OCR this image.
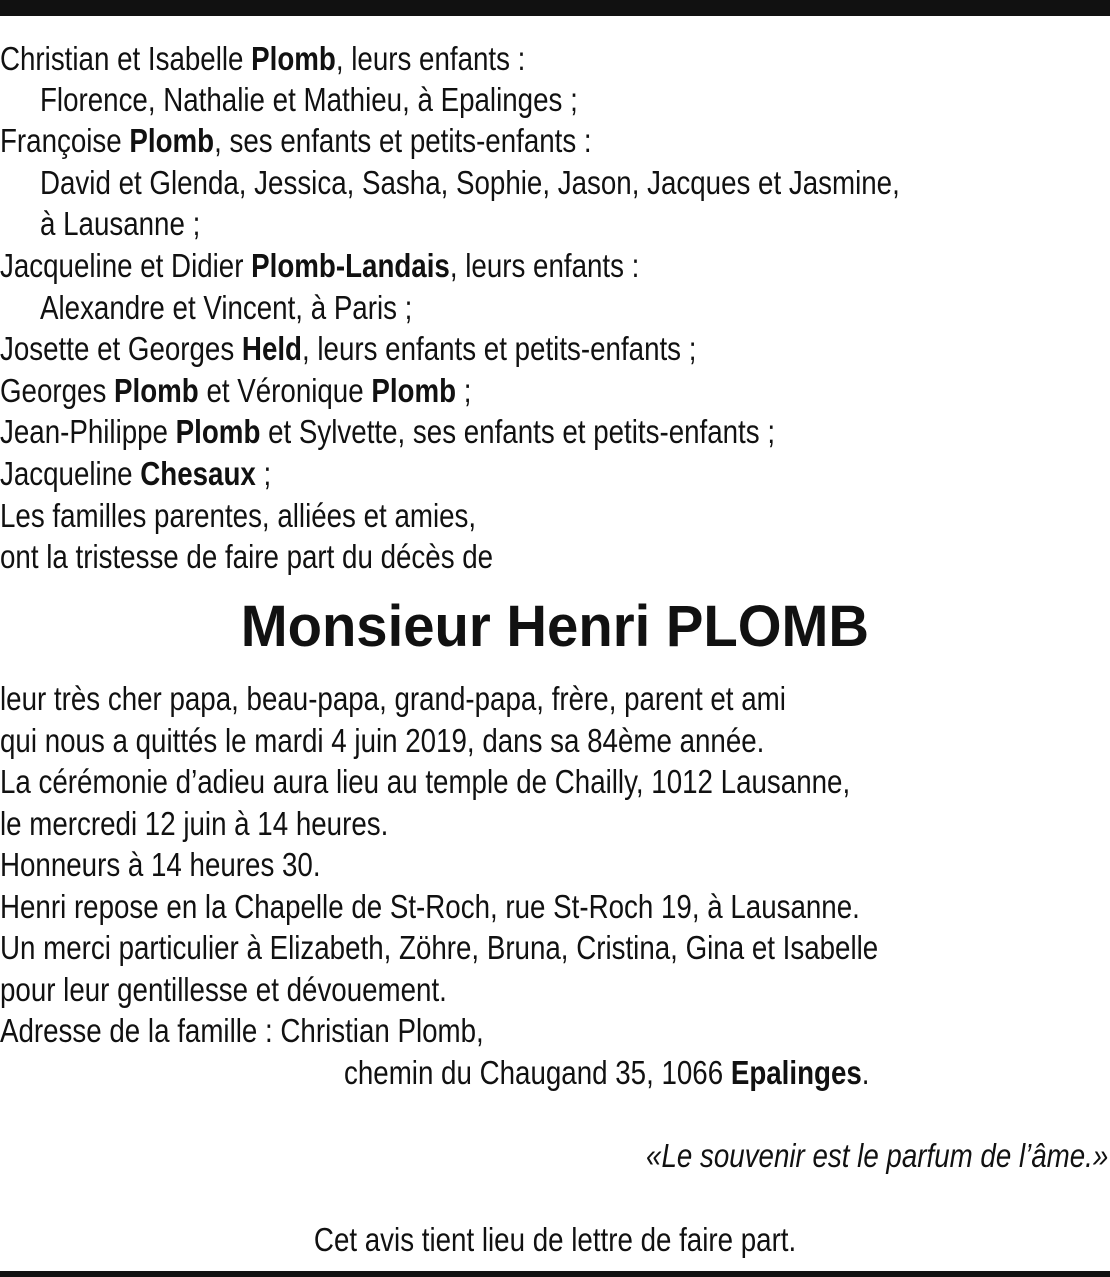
Christian et Isabelle Plomb, leurs enfants :
Florence, Nathalie et Mathieu, à Epalinges ;
Françoise Plomb, ses enfants et petits-enfants :
David et Glenda, Jessica, Sasha, Sophie, Jason, Jacques et Jasmine,
à Lausanne ;
Jacqueline et Didier Plomb-Landais, leurs enfants :
Alexandre et Vincent, à Paris ;
Josette et Georges Held, leurs enfants et petits-enfants ;
Georges Plomb et Véronique Plomb ;
Jean-Philippe Plomb et Sylvette, ses enfants et petits-enfants ;
Jacqueline Chesaux ;
Les familles parentes, alliées et amies,
ont la tristesse de faire part du décès de
Monsieur Henri PLOMB
leur très cher papa, beau-papa, grand-papa, frère, parent et ami
qui nous a quittés le mardi 4 juin 2019, dans sa 84ème année.
La cérémonie d’adieu aura lieu au temple de Chailly, 1012 Lausanne,
le mercredi 12 juin à 14 heures.
Honneurs à 14 heures 30.
Henri repose en la Chapelle de St-Roch, rue St-Roch 19, à Lausanne.
Un merci particulier à Elizabeth, Zöhre, Bruna, Cristina, Gina et Isabelle
pour leur gentillesse et dévouement.
Adresse de la famille : Christian Plomb,
chemin du Chaugand 35, 1066 Epalinges.
«Le souvenir est le parfum de l’âme.»
Cet avis tient lieu de lettre de faire part.
